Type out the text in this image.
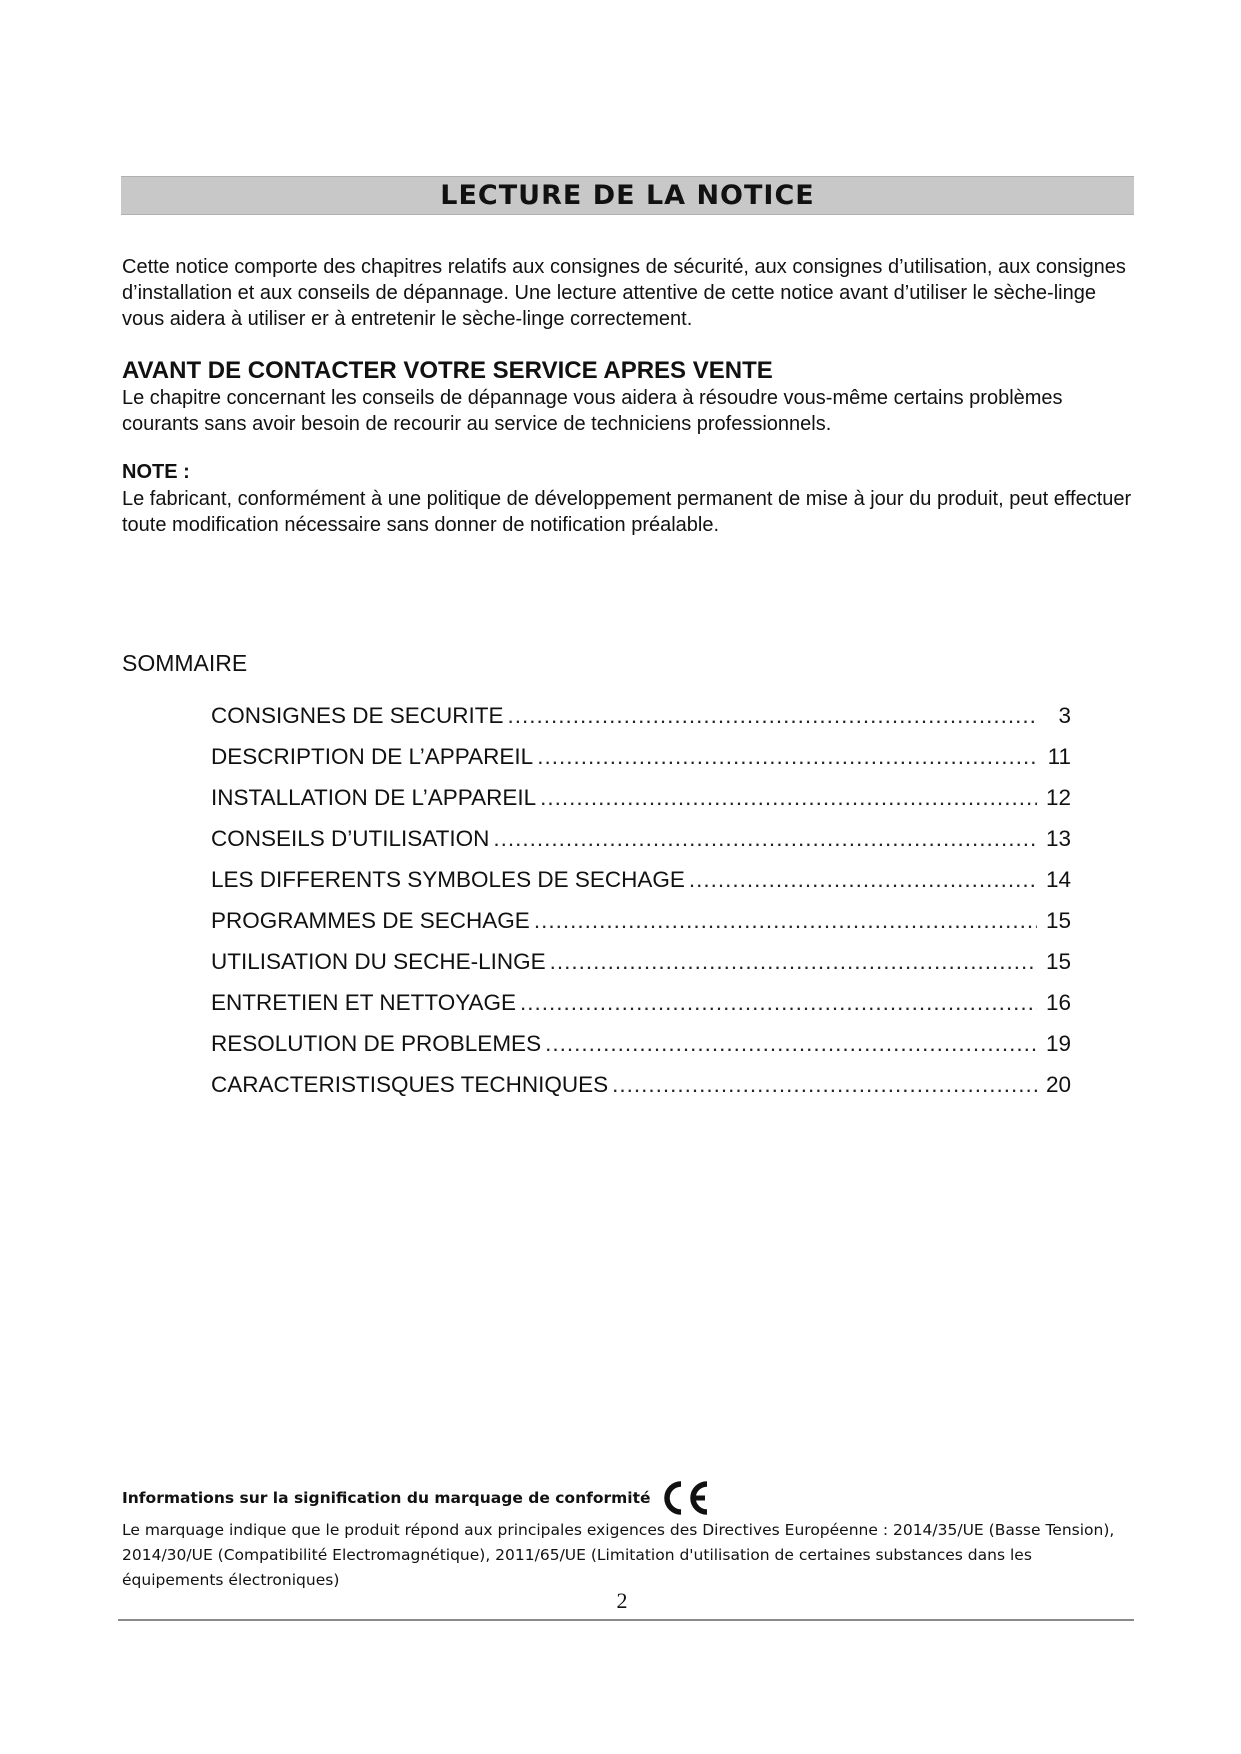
LECTURE DE LA NOTICE

Cette notice comporte des chapitres relatifs aux consignes de sécurité, aux consignes d’utilisation, aux consignes d’installation et aux conseils de dépannage. Une lecture attentive de cette notice avant d’utiliser le sèche-linge vous aidera à utiliser er à entretenir le sèche-linge correctement.

AVANT DE CONTACTER VOTRE SERVICE APRES VENTE

Le chapitre concernant les conseils de dépannage vous aidera à résoudre vous-même certains problèmes courants sans avoir besoin de recourir au service de techniciens professionnels.

NOTE :

Le fabricant, conformément à une politique de développement permanent de mise à jour du produit, peut effectuer toute modification nécessaire sans donner de notification préalable.

SOMMAIRE
CONSIGNES DE SECURITE .....	3
DESCRIPTION DE L’APPAREIL .....	11
INSTALLATION DE L’APPAREIL .....	12
CONSEILS D’UTILISATION .....	13
LES DIFFERENTS SYMBOLES DE SECHAGE .....	14
PROGRAMMES DE SECHAGE .....	15
UTILISATION DU SECHE-LINGE .....	15
ENTRETIEN ET NETTOYAGE .....	16
RESOLUTION DE PROBLEMES .....	19
CARACTERISTISQUES TECHNIQUES .....	20
Informations sur la signification du marquage de conformité

Le marquage indique que le produit répond aux principales exigences des Directives Européenne : 2014/35/UE (Basse Tension), 2014/30/UE (Compatibilité Electromagnétique), 2011/65/UE (Limitation d'utilisation de certaines substances dans les équipements électroniques)

2
